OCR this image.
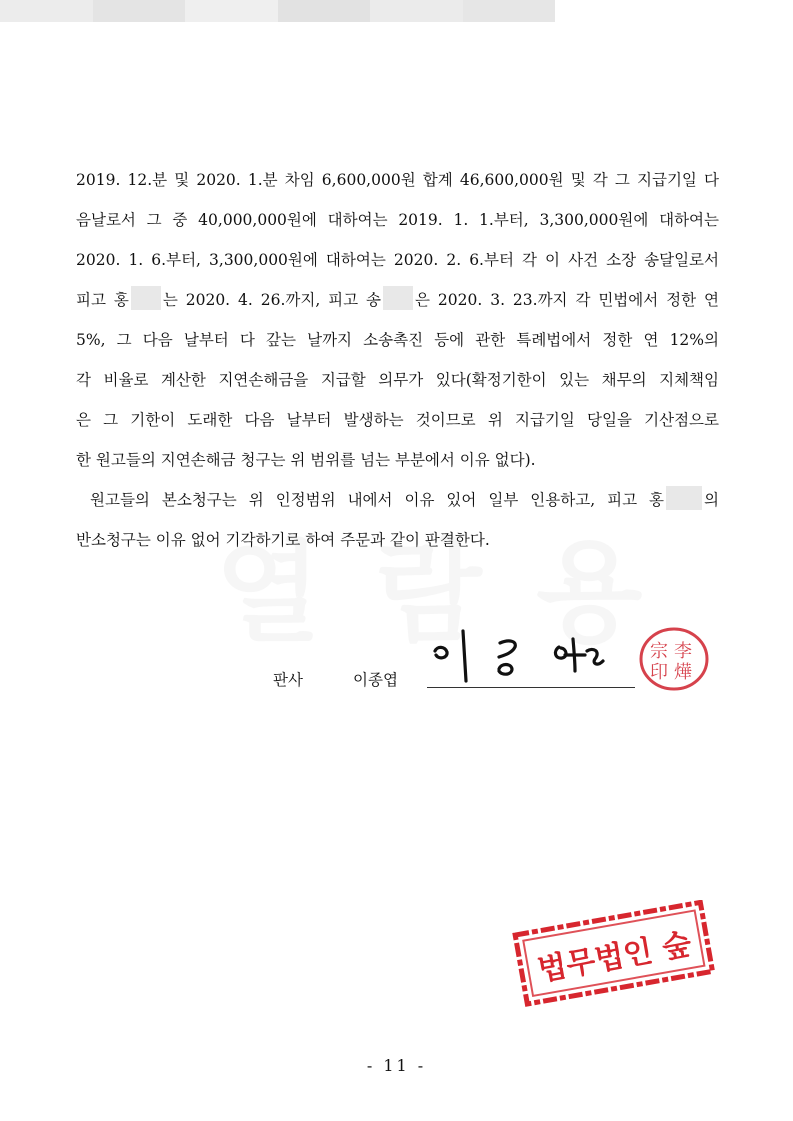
2019. 12.분 및 2020. 1.분 차임 6,600,000원 합계 46,600,000원 및 각 그 지급기일 다
음날로서 그 중 40,000,000원에 대하여는 2019. 1. 1.부터, 3,300,000원에 대하여는
2020. 1. 6.부터, 3,300,000원에 대하여는 2020. 2. 6.부터 각 이 사건 소장 송달일로서
피고 홍 는 2020. 4. 26.까지, 피고 송 은 2020. 3. 23.까지 각 민법에서 정한 연
5%, 그 다음 날부터 다 갚는 날까지 소송촉진 등에 관한 특례법에서 정한 연 12%의
각 비율로 계산한 지연손해금을 지급할 의무가 있다(확정기한이 있는 채무의 지체책임
은 그 기한이 도래한 다음 날부터 발생하는 것이므로 위 지급기일 당일을 기산점으로
한 원고들의 지연손해금 청구는 위 범위를 넘는 부분에서 이유 없다).
원고들의 본소청구는 위 인정범위 내에서 이유 있어 일부 인용하고, 피고 홍	의
반소청구는 이유 없어 기각하기로 하여 주문과 같이 판결한다.
판사	이종엽
宗 李
印 燁
법무법인 숲
- 11 -
